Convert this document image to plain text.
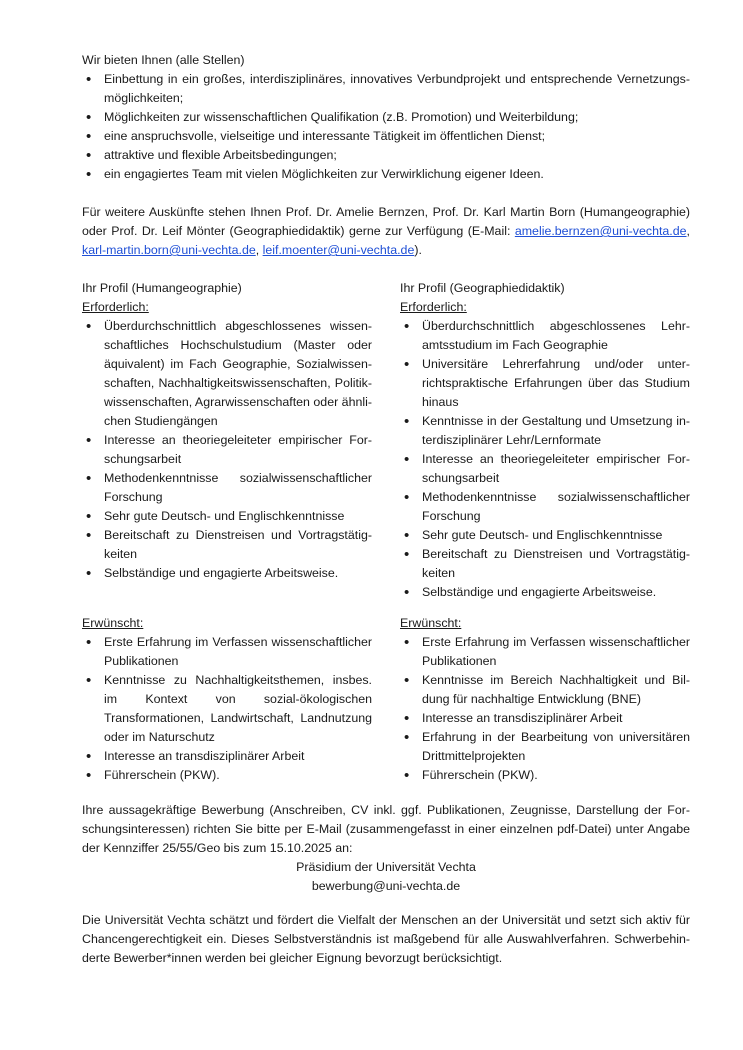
Wir bieten Ihnen (alle Stellen)

• Einbettung in ein großes, interdisziplinäres, innovatives Verbundprojekt und entsprechende Vernetzungsmöglichkeiten;
• Möglichkeiten zur wissenschaftlichen Qualifikation (z.B. Promotion) und Weiterbildung;
• eine anspruchsvolle, vielseitige und interessante Tätigkeit im öffentlichen Dienst;
• attraktive und flexible Arbeitsbedingungen;
• ein engagiertes Team mit vielen Möglichkeiten zur Verwirklichung eigener Ideen.
Für weitere Auskünfte stehen Ihnen Prof. Dr. Amelie Bernzen, Prof. Dr. Karl Martin Born (Humangeographie) oder Prof. Dr. Leif Mönter (Geographiedidaktik) gerne zur Verfügung (E-Mail: amelie.bernzen@uni-vechta.de, karl-martin.born@uni-vechta.de, leif.moenter@uni-vechta.de).

Ihr Profil (Humangeographie)

Erforderlich:

• Überdurchschnittlich abgeschlossenes wissenschaftliches Hochschulstudium (Master oder äquivalent) im Fach Geographie, Sozialwissenschaften, Nachhaltigkeitswissenschaften, Politikwissenschaften, Agrarwissenschaften oder ähnlichen Studiengängen
• Interesse an theoriegeleiteter empirischer Forschungsarbeit
• Methodenkenntnisse sozialwissenschaftlicher Forschung
• Sehr gute Deutsch- und Englischkenntnisse
• Bereitschaft zu Dienstreisen und Vortragstätigkeiten
• Selbständige und engagierte Arbeitsweise.

Erwünscht:

• Erste Erfahrung im Verfassen wissenschaftlicher Publikationen
• Kenntnisse zu Nachhaltigkeitsthemen, insbes. im Kontext von sozial-ökologischen Transformationen, Landwirtschaft, Landnutzung oder im Naturschutz
• Interesse an transdisziplinärer Arbeit
• Führerschein (PKW).

Ihr Profil (Geographiedidaktik)

Erforderlich:

• Überdurchschnittlich abgeschlossenes Lehramtsstudium im Fach Geographie
• Universitäre Lehrerfahrung und/oder unterrichtspraktische Erfahrungen über das Studium hinaus
• Kenntnisse in der Gestaltung und Umsetzung interdisziplinärer Lehr/Lernformate
• Interesse an theoriegeleiteter empirischer Forschungsarbeit
• Methodenkenntnisse sozialwissenschaftlicher Forschung
• Sehr gute Deutsch- und Englischkenntnisse
• Bereitschaft zu Dienstreisen und Vortragstätigkeiten
• Selbständige und engagierte Arbeitsweise.

Erwünscht:

• Erste Erfahrung im Verfassen wissenschaftlicher Publikationen
• Kenntnisse im Bereich Nachhaltigkeit und Bildung für nachhaltige Entwicklung (BNE)
• Interesse an transdisziplinärer Arbeit
• Erfahrung in der Bearbeitung von universitären Drittmittelprojekten
• Führerschein (PKW).

Ihre aussagekräftige Bewerbung (Anschreiben, CV inkl. ggf. Publikationen, Zeugnisse, Darstellung der Forschungsinteressen) richten Sie bitte per E-Mail (zusammengefasst in einer einzelnen pdf-Datei) unter Angabe der Kennziffer 25/55/Geo bis zum 15.10.2025 an:

Präsidium der Universität Vechta

bewerbung@uni-vechta.de

Die Universität Vechta schätzt und fördert die Vielfalt der Menschen an der Universität und setzt sich aktiv für Chancengerechtigkeit ein. Dieses Selbstverständnis ist maßgebend für alle Auswahlverfahren. Schwerbehinderte Bewerber*innen werden bei gleicher Eignung bevorzugt berücksichtigt.
